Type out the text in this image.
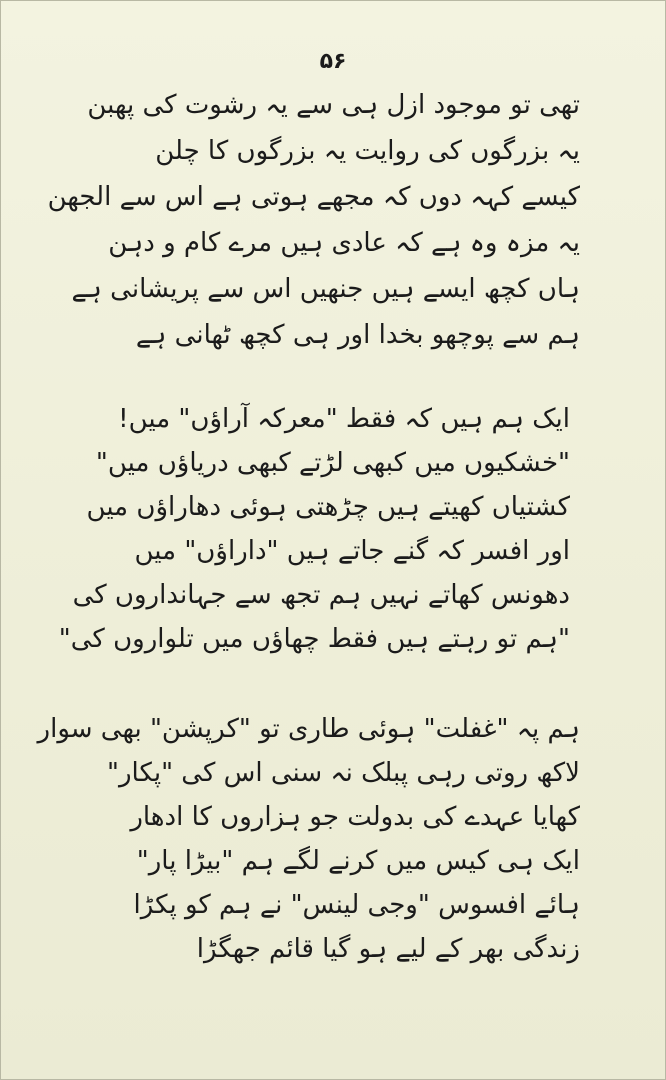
۵۶
تھی تو موجود ازل ہی سے یہ رشوت کی پھبن
یہ بزرگوں کی روایت یہ بزرگوں کا چلن
کیسے کہہ دوں کہ مجھے ہوتی ہے اس سے الجھن
یہ مزہ وہ ہے کہ عادی ہیں مرے کام و دہن
ہاں کچھ ایسے ہیں جنھیں اس سے پریشانی ہے
ہم سے پوچھو بخدا اور ہی کچھ ٹھانی ہے
ایک ہم ہیں کہ فقط "معرکہ آراؤں" میں!
"خشکیوں میں کبھی لڑتے کبھی دریاؤں میں"
کشتیاں کھیتے ہیں چڑھتی ہوئی دھاراؤں میں
اور افسر کہ گنے جاتے ہیں "داراؤں" میں
دھونس کھاتے نہیں ہم تجھ سے جہانداروں کی
"ہم تو رہتے ہیں فقط چھاؤں میں تلواروں کی"
ہم پہ "غفلت" ہوئی طاری تو "کرپشن" بھی سوار
لاکھ روتی رہی پبلک نہ سنی اس کی "پکار"
کھایا عہدے کی بدولت جو ہزاروں کا ادھار
ایک ہی کیس میں کرنے لگے ہم "بیڑا پار"
ہائے افسوس "وجی لینس" نے ہم کو پکڑا
زندگی بھر کے لیے ہو گیا قائم جھگڑا
